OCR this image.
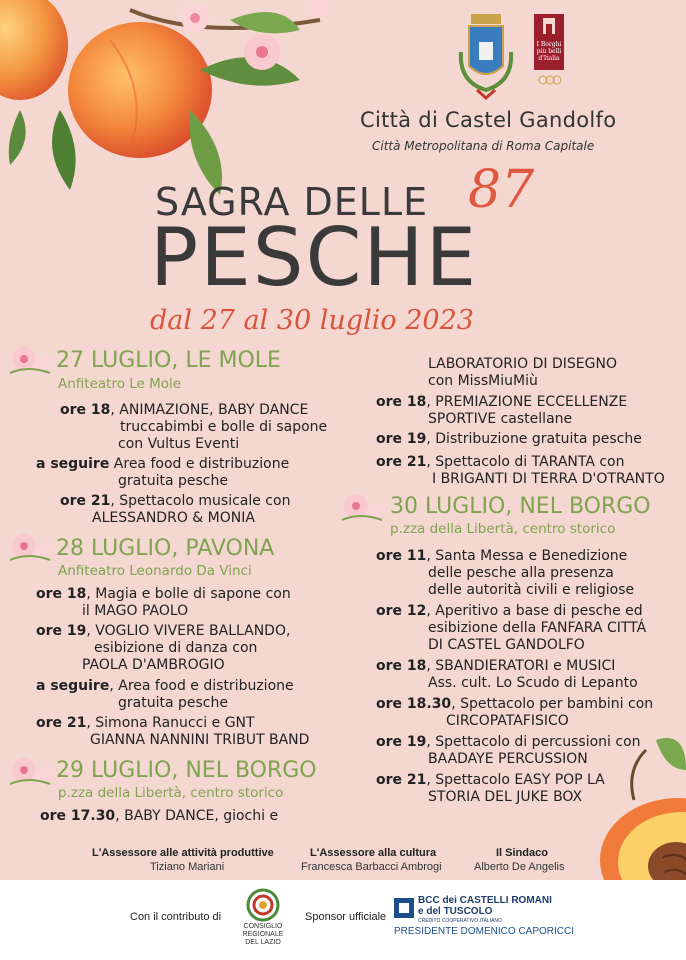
I Borghi più belli d'Italia
Città di Castel Gandolfo
Città Metropolitana di Roma Capitale
SAGRA DELLE 87
PESCHE
dal 27 al 30 luglio 2023
27 LUGLIO, LE MOLE
Anfiteatro Le Mole
ore 18, ANIMAZIONE, BABY DANCE
truccabimbi e bolle di sapone
con Vultus Eventi
a seguire Area food e distribuzione
gratuita pesche
ore 21, Spettacolo musicale con
ALESSANDRO & MONIA
28 LUGLIO, PAVONA
Anfiteatro Leonardo Da Vinci
ore 18, Magia e bolle di sapone con
il MAGO PAOLO
ore 19, VOGLIO VIVERE BALLANDO,
esibizione di danza con
PAOLA D'AMBROGIO
a seguire, Area food e distribuzione
gratuita pesche
ore 21, Simona Ranucci e GNT
GIANNA NANNINI TRIBUT BAND
29 LUGLIO, NEL BORGO
p.zza della Libertà, centro storico
ore 17.30, BABY DANCE, giochi e
LABORATORIO DI DISEGNO
con MissMiuMiù
ore 18, PREMIAZIONE ECCELLENZE
SPORTIVE castellane
ore 19, Distribuzione gratuita pesche
ore 21, Spettacolo di TARANTA con
I BRIGANTI DI TERRA D'OTRANTO
30 LUGLIO, NEL BORGO
p.zza della Libertà, centro storico
ore 11, Santa Messa e Benedizione
delle pesche alla presenza
delle autorità civili e religiose
ore 12, Aperitivo a base di pesche ed
esibizione della FANFARA CITTÁ
DI CASTEL GANDOLFO
ore 18, SBANDIERATORI e MUSICI
Ass. cult. Lo Scudo di Lepanto
ore 18.30, Spettacolo per bambini con
CIRCOPATAFISICO
ore 19, Spettacolo di percussioni con
BAADAYE PERCUSSION
ore 21, Spettacolo EASY POP LA
STORIA DEL JUKE BOX
L'Assessore alle attività produttive
Tiziano Mariani
L'Assessore alla cultura
Francesca Barbacci Ambrogi
Il Sindaco
Alberto De Angelis
Con il contributo di
CONSIGLIO
REGIONALE
DEL LAZIO
Sponsor ufficiale
BCC dei CASTELLI ROMANI
e del TUSCOLO
CREDITO COOPERATIVO ITALIANO
PRESIDENTE DOMENICO CAPORICCI
